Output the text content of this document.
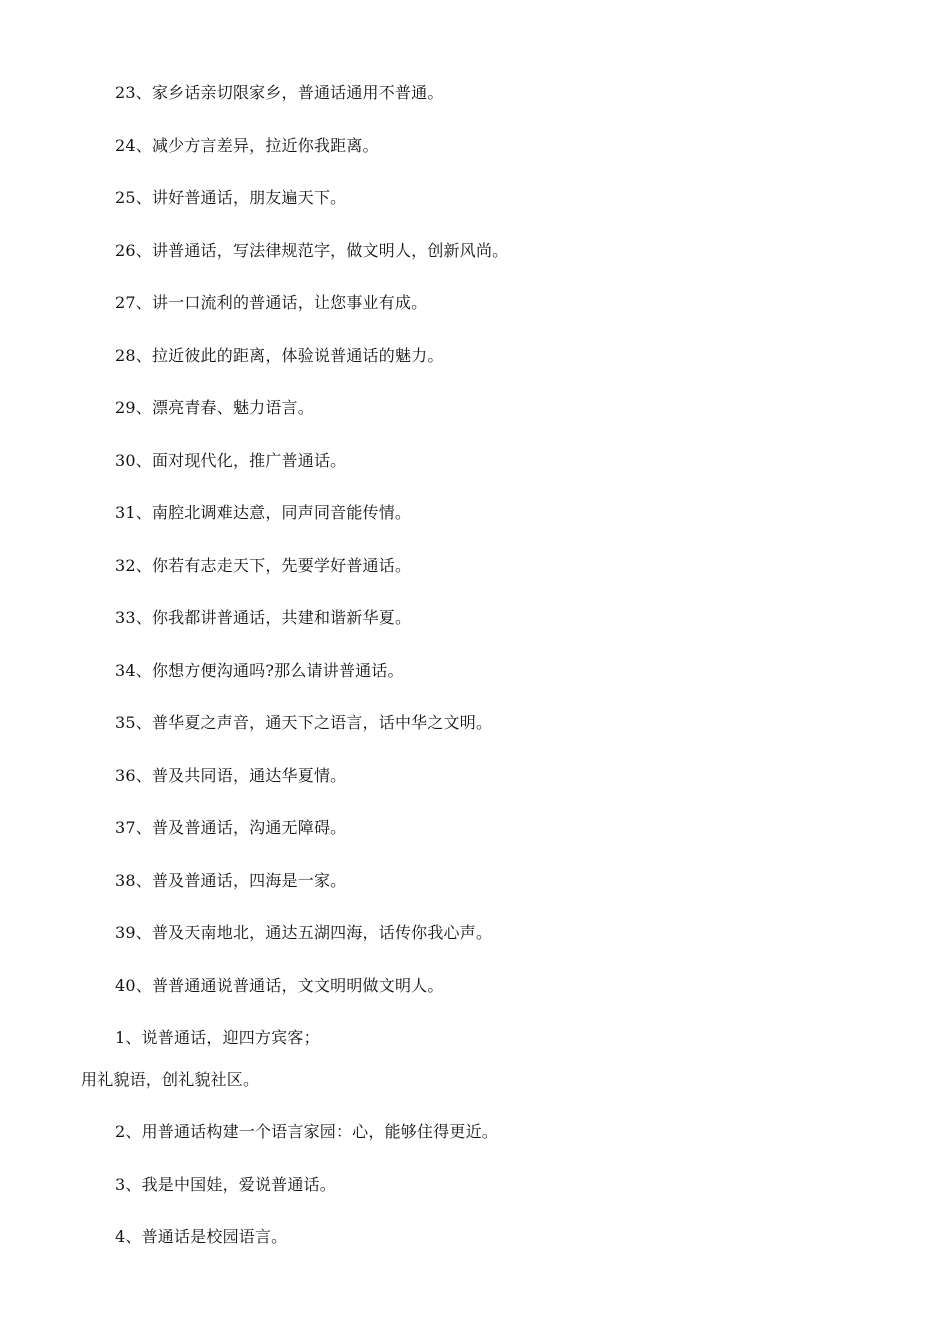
23、家乡话亲切限家乡，普通话通用不普通。
24、减少方言差异，拉近你我距离。
25、讲好普通话，朋友遍天下。
26、讲普通话，写法律规范字，做文明人，创新风尚。
27、讲一口流利的普通话，让您事业有成。
28、拉近彼此的距离，体验说普通话的魅力。
29、漂亮青春、魅力语言。
30、面对现代化，推广普通话。
31、南腔北调难达意，同声同音能传情。
32、你若有志走天下，先要学好普通话。
33、你我都讲普通话，共建和谐新华夏。
34、你想方便沟通吗?那么请讲普通话。
35、普华夏之声音，通天下之语言，话中华之文明。
36、普及共同语，通达华夏情。
37、普及普通话，沟通无障碍。
38、普及普通话，四海是一家。
39、普及天南地北，通达五湖四海，话传你我心声。
40、普普通通说普通话，文文明明做文明人。
1、说普通话，迎四方宾客；
用礼貌语，创礼貌社区。
2、用普通话构建一个语言家园：心，能够住得更近。
3、我是中国娃，爱说普通话。
4、普通话是校园语言。
